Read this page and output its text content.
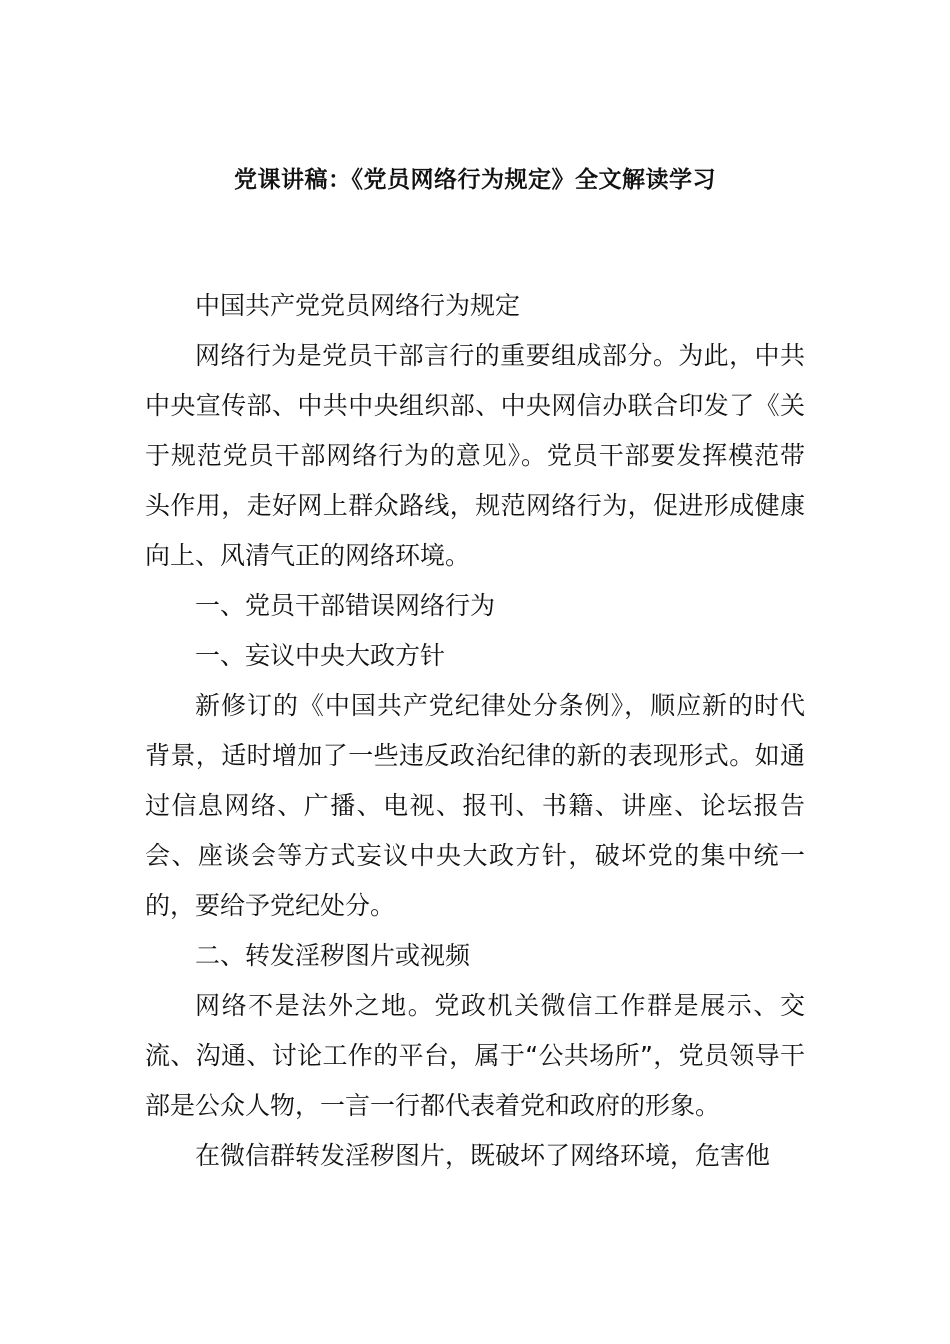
党课讲稿：《党员网络行为规定》全文解读学习

中国共产党党员网络行为规定

网络行为是党员干部言行的重要组成部分。为此，中共中央宣传部、中共中央组织部、中央网信办联合印发了《关于规范党员干部网络行为的意见》。党员干部要发挥模范带头作用，走好网上群众路线，规范网络行为，促进形成健康向上、风清气正的网络环境。

一、党员干部错误网络行为

一、妄议中央大政方针

新修订的《中国共产党纪律处分条例》，顺应新的时代背景，适时增加了一些违反政治纪律的新的表现形式。如通过信息网络、广播、电视、报刊、书籍、讲座、论坛报告会、座谈会等方式妄议中央大政方针，破坏党的集中统一的，要给予党纪处分。

二、转发淫秽图片或视频

网络不是法外之地。党政机关微信工作群是展示、交流、沟通、讨论工作的平台，属于“公共场所”，党员领导干部是公众人物，一言一行都代表着党和政府的形象。

在微信群转发淫秽图片，既破坏了网络环境，危害他
